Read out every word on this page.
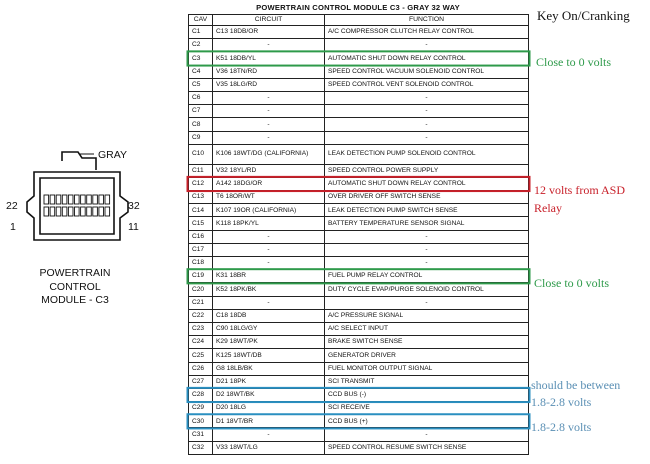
POWERTRAIN CONTROL MODULE C3 - GRAY 32 WAY
CAV	CIRCUIT	FUNCTION
C1	C13 18DB/OR	A/C COMPRESSOR CLUTCH RELAY CONTROL
C2	-	-
C3	K51 18DB/YL	AUTOMATIC SHUT DOWN RELAY CONTROL
C4	V36 18TN/RD	SPEED CONTROL VACUUM SOLENOID CONTROL
C5	V35 18LG/RD	SPEED CONTROL VENT SOLENOID CONTROL
C6	-	-
C7	-	-
C8	-	-
C9	-	-
C10	K106 18WT/DG (CALIFORNIA)	LEAK DETECTION PUMP SOLENOID CONTROL
C11	V32 18YL/RD	SPEED CONTROL POWER SUPPLY
C12	A142 18DG/OR	AUTOMATIC SHUT DOWN RELAY CONTROL
C13	T6 18OR/WT	OVER DRIVER OFF SWITCH SENSE
C14	K107 19OR (CALIFORNIA)	LEAK DETECTION PUMP SWITCH SENSE
C15	K118 18PK/YL	BATTERY TEMPERATURE SENSOR SIGNAL
C16	-	-
C17	-	-
C18	-	-
C19	K31 18BR	FUEL PUMP RELAY CONTROL
C20	K52 18PK/BK	DUTY CYCLE EVAP/PURGE SOLENOID CONTROL
C21	-	-
C22	C18 18DB	A/C PRESSURE SIGNAL
C23	C90 18LG/GY	A/C SELECT INPUT
C24	K29 18WT/PK	BRAKE SWITCH SENSE
C25	K125 18WT/DB	GENERATOR DRIVER
C26	G8 18LB/BK	FUEL MONITOR OUTPUT SIGNAL
C27	D21 18PK	SCI TRANSMIT
C28	D2 18WT/BK	CCD BUS (-)
C29	D20 18LG	SCI RECEIVE
C30	D1 18VT/BR	CCD BUS (+)
C31	-	-
C32	V33 18WT/LG	SPEED CONTROL RESUME SWITCH SENSE
GRAY
22	32
1	11
POWERTRAIN
CONTROL
MODULE - C3
Key On/Cranking
Close to 0 volts
12 volts from ASD
Relay
Close to 0 volts
should be between
1.8-2.8 volts
1.8-2.8 volts
